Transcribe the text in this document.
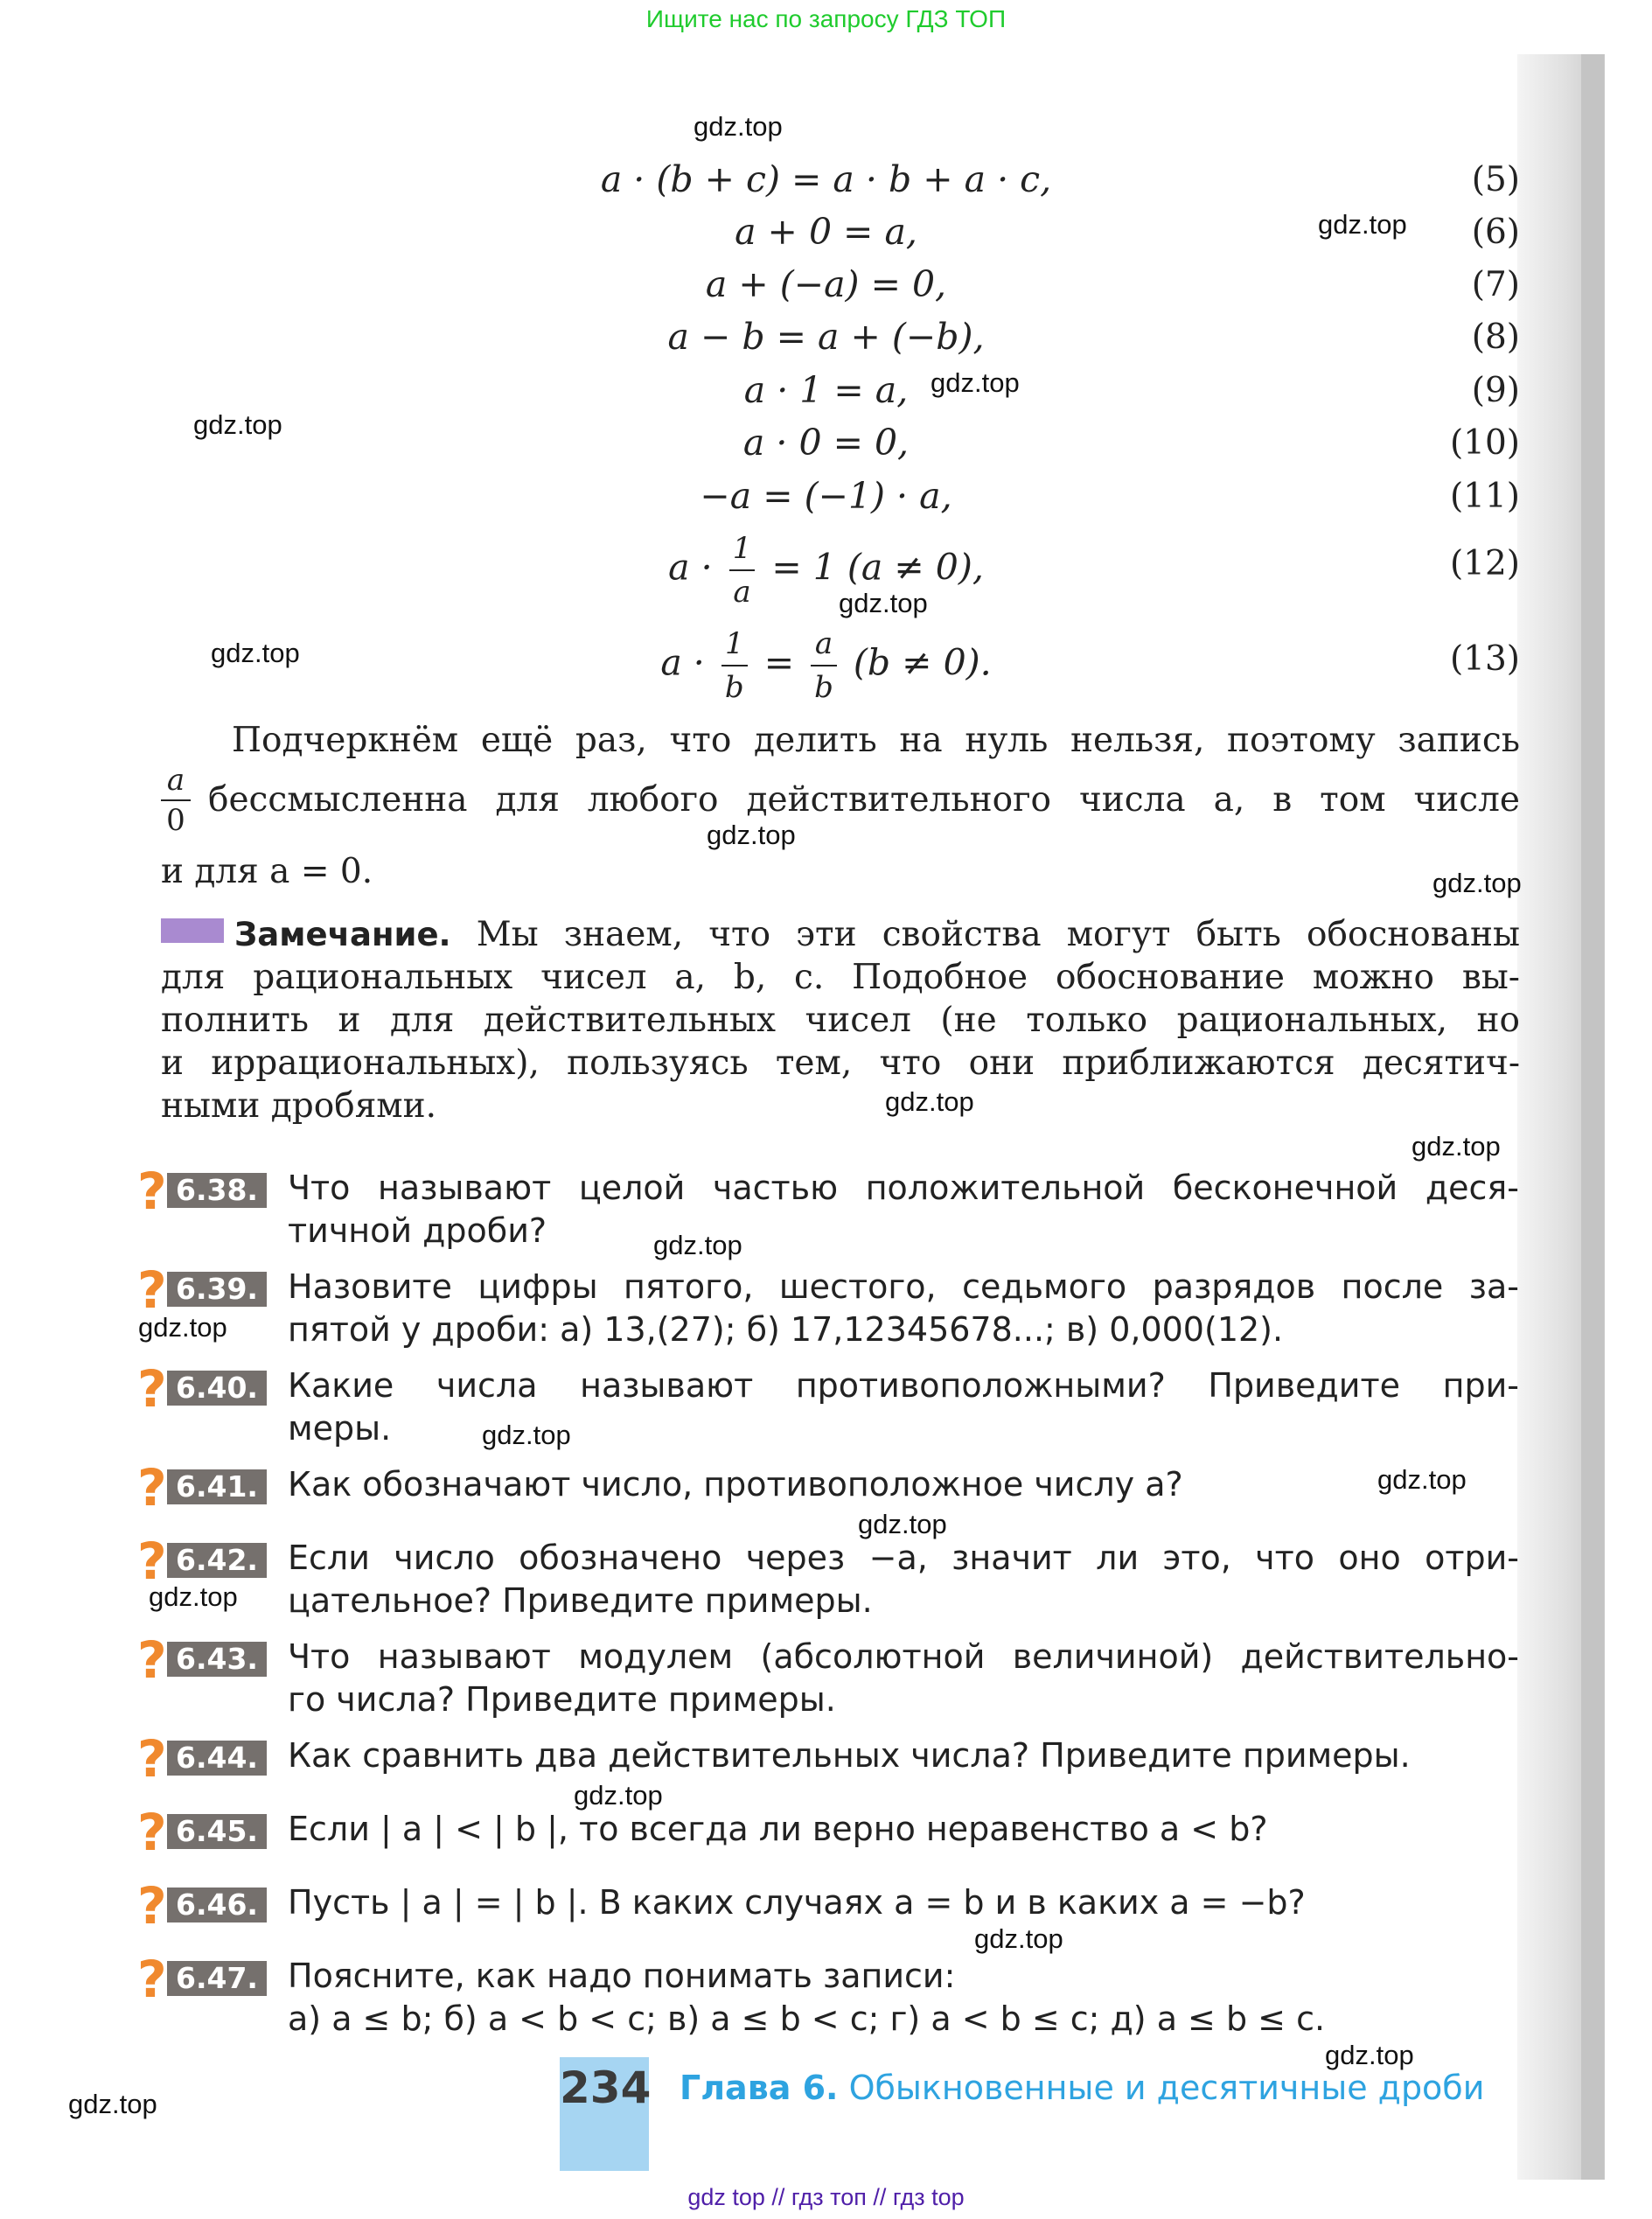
Ищите нас по запросу ГДЗ ТОП
a · (b + c) = a · b + a · c,	(5)
a + 0 = a,	(6)
a + (−a) = 0,	(7)
a − b = a + (−b),	(8)
a · 1 = a,	(9)
a · 0 = 0,	(10)
−a = (−1) · a,	(11)
$a \cdot \frac{1}{a} = 1$ (a ≠ 0),	(12)
$a \cdot \frac{1}{b} = \frac{a}{b} (b \ne 0)$.	(13)
Подчеркнём ещё раз, что делить на нуль нельзя, поэтому запись
$\frac{a}{0}$ бессмысленна для любого действительного числа a, в том числе
и для a = 0.
Замечание. Мы знаем, что эти свойства могут быть обоснованы
для рациональных чисел a, b, c. Подобное обоснование можно вы-
полнить и для действительных чисел (не только рациональных, но
и иррациональных), пользуясь тем, что они приближаются десятич-
ными дробями.
? 6.38. Что называют целой частью положительной бесконечной деся-
тичной дроби?
? 6.39. Назовите цифры пятого, шестого, седьмого разрядов после за-
пятой у дроби: а) 13,(27); б) 17,12345678...; в) 0,000(12).
? 6.40. Какие числа называют противоположными? Приведите при-
меры.
? 6.41. Как обозначают число, противоположное числу a?
? 6.42. Если число обозначено через −a, значит ли это, что оно отри-
цательное? Приведите примеры.
? 6.43. Что называют модулем (абсолютной величиной) действительно-
го числа? Приведите примеры.
? 6.44. Как сравнить два действительных числа? Приведите примеры.
? 6.45. Если | a | < | b |, то всегда ли верно неравенство a < b?
? 6.46. Пусть | a | = | b |. В каких случаях a = b и в каких a = −b?
? 6.47. Поясните, как надо понимать записи:
а) a ≤ b; б) a < b < c; в) a ≤ b < c; г) a < b ≤ c; д) a ≤ b ≤ c.
234 Глава 6. Обыкновенные и десятичные дроби
gdz.top
gdz.top
gdz.top
gdz.top
gdz.top
gdz.top
gdz.top
gdz.top
gdz.top
gdz.top
gdz.top
gdz.top
gdz.top
gdz.top
gdz.top
gdz.top
gdz.top
gdz.top
gdz.top
gdz.top
gdz top // гдз топ // гдз top
